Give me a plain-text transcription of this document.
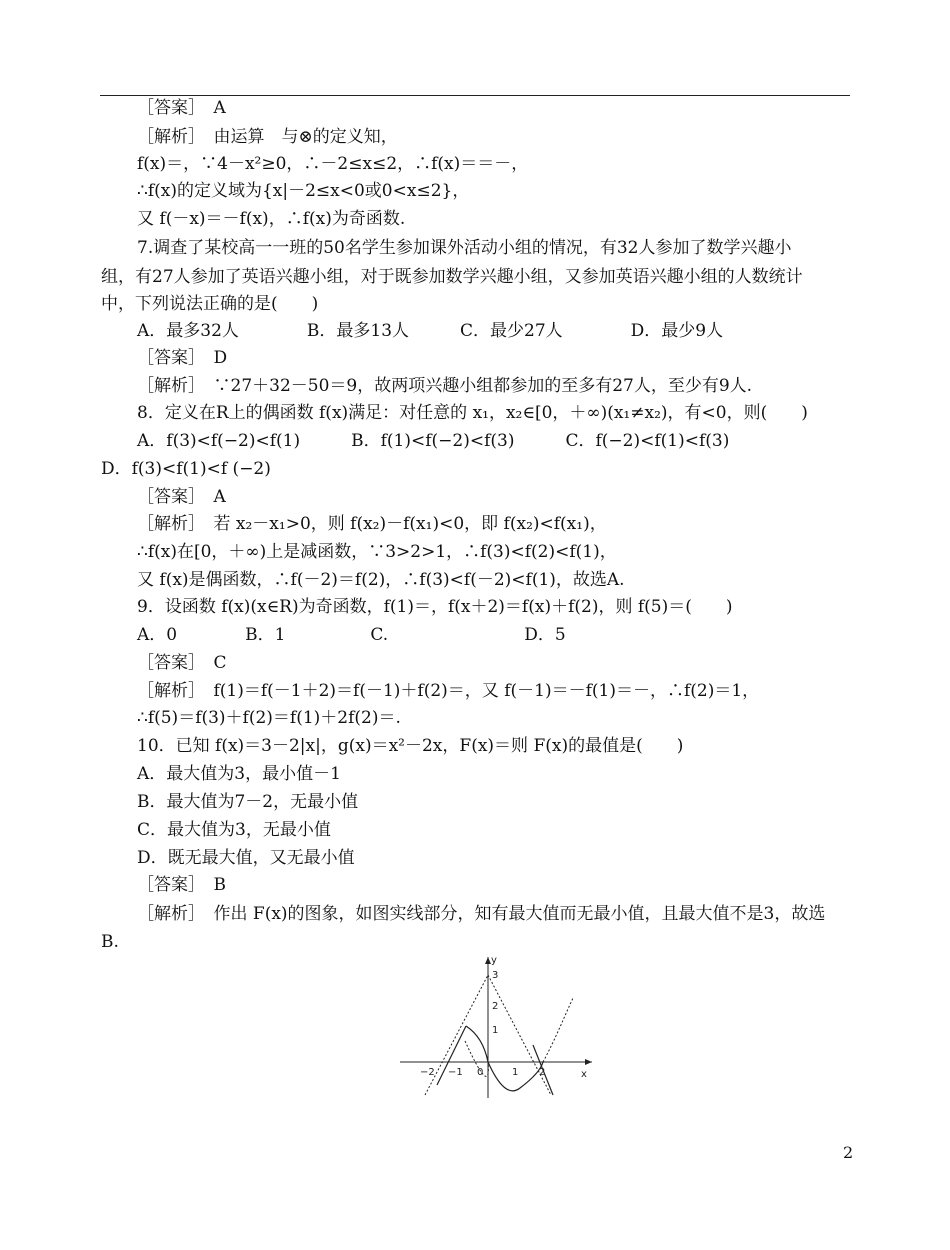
［答案］　A
［解析］　由运算　与⊗的定义知，
f(x)＝，∵4－x²≥0，∴－2≤x≤2，∴f(x)＝＝－，
∴f(x)的定义域为{x|－2≤x<0或0<x≤2}，
又 f(－x)＝－f(x)，∴f(x)为奇函数.
7.调查了某校高一一班的50名学生参加课外活动小组的情况，有32人参加了数学兴趣小
组，有27人参加了英语兴趣小组，对于既参加数学兴趣小组，又参加英语兴趣小组的人数统计
中，下列说法正确的是(　　)
A．最多32人　　　　B．最多13人　　　C．最少27人　　　　D．最少9人
［答案］　D
［解析］　∵27＋32－50＝9，故两项兴趣小组都参加的至多有27人，至少有9人.
8．定义在R上的偶函数 f(x)满足：对任意的 x₁，x₂∈[0，＋∞)(x₁≠x₂)，有<0，则(　　)
A．f(3)<f(−2)<f(1)　　　B．f(1)<f(−2)<f(3)　　　C．f(−2)<f(1)<f(3)
D．f(3)<f(1)<f (−2)
［答案］　A
［解析］　若 x₂－x₁>0，则 f(x₂)－f(x₁)<0，即 f(x₂)<f(x₁)，
∴f(x)在[0，＋∞)上是减函数，∵3>2>1，∴f(3)<f(2)<f(1)，
又 f(x)是偶函数，∴f(－2)＝f(2)，∴f(3)<f(－2)<f(1)，故选A.
9．设函数 f(x)(x∈R)为奇函数，f(1)＝，f(x＋2)＝f(x)＋f(2)，则 f(5)＝(　　)
A．0　　　　B．1　　　　　C.　　　　　　　　D．5
［答案］　C
［解析］　f(1)＝f(－1＋2)＝f(－1)＋f(2)＝，又 f(－1)＝－f(1)＝－，∴f(2)＝1，
∴f(5)＝f(3)＋f(2)＝f(1)＋2f(2)＝.
10．已知 f(x)＝3－2|x|，g(x)＝x²－2x，F(x)＝则 F(x)的最值是(　　)
A．最大值为3，最小值－1
B．最大值为7－2，无最小值
C．最大值为3，无最小值
D．既无最大值，又无最小值
［答案］　B
［解析］　作出 F(x)的图象，如图实线部分，知有最大值而无最小值，且最大值不是3，故选
B.
y
x
3
2
1
−2 −1 0	1 2
2
